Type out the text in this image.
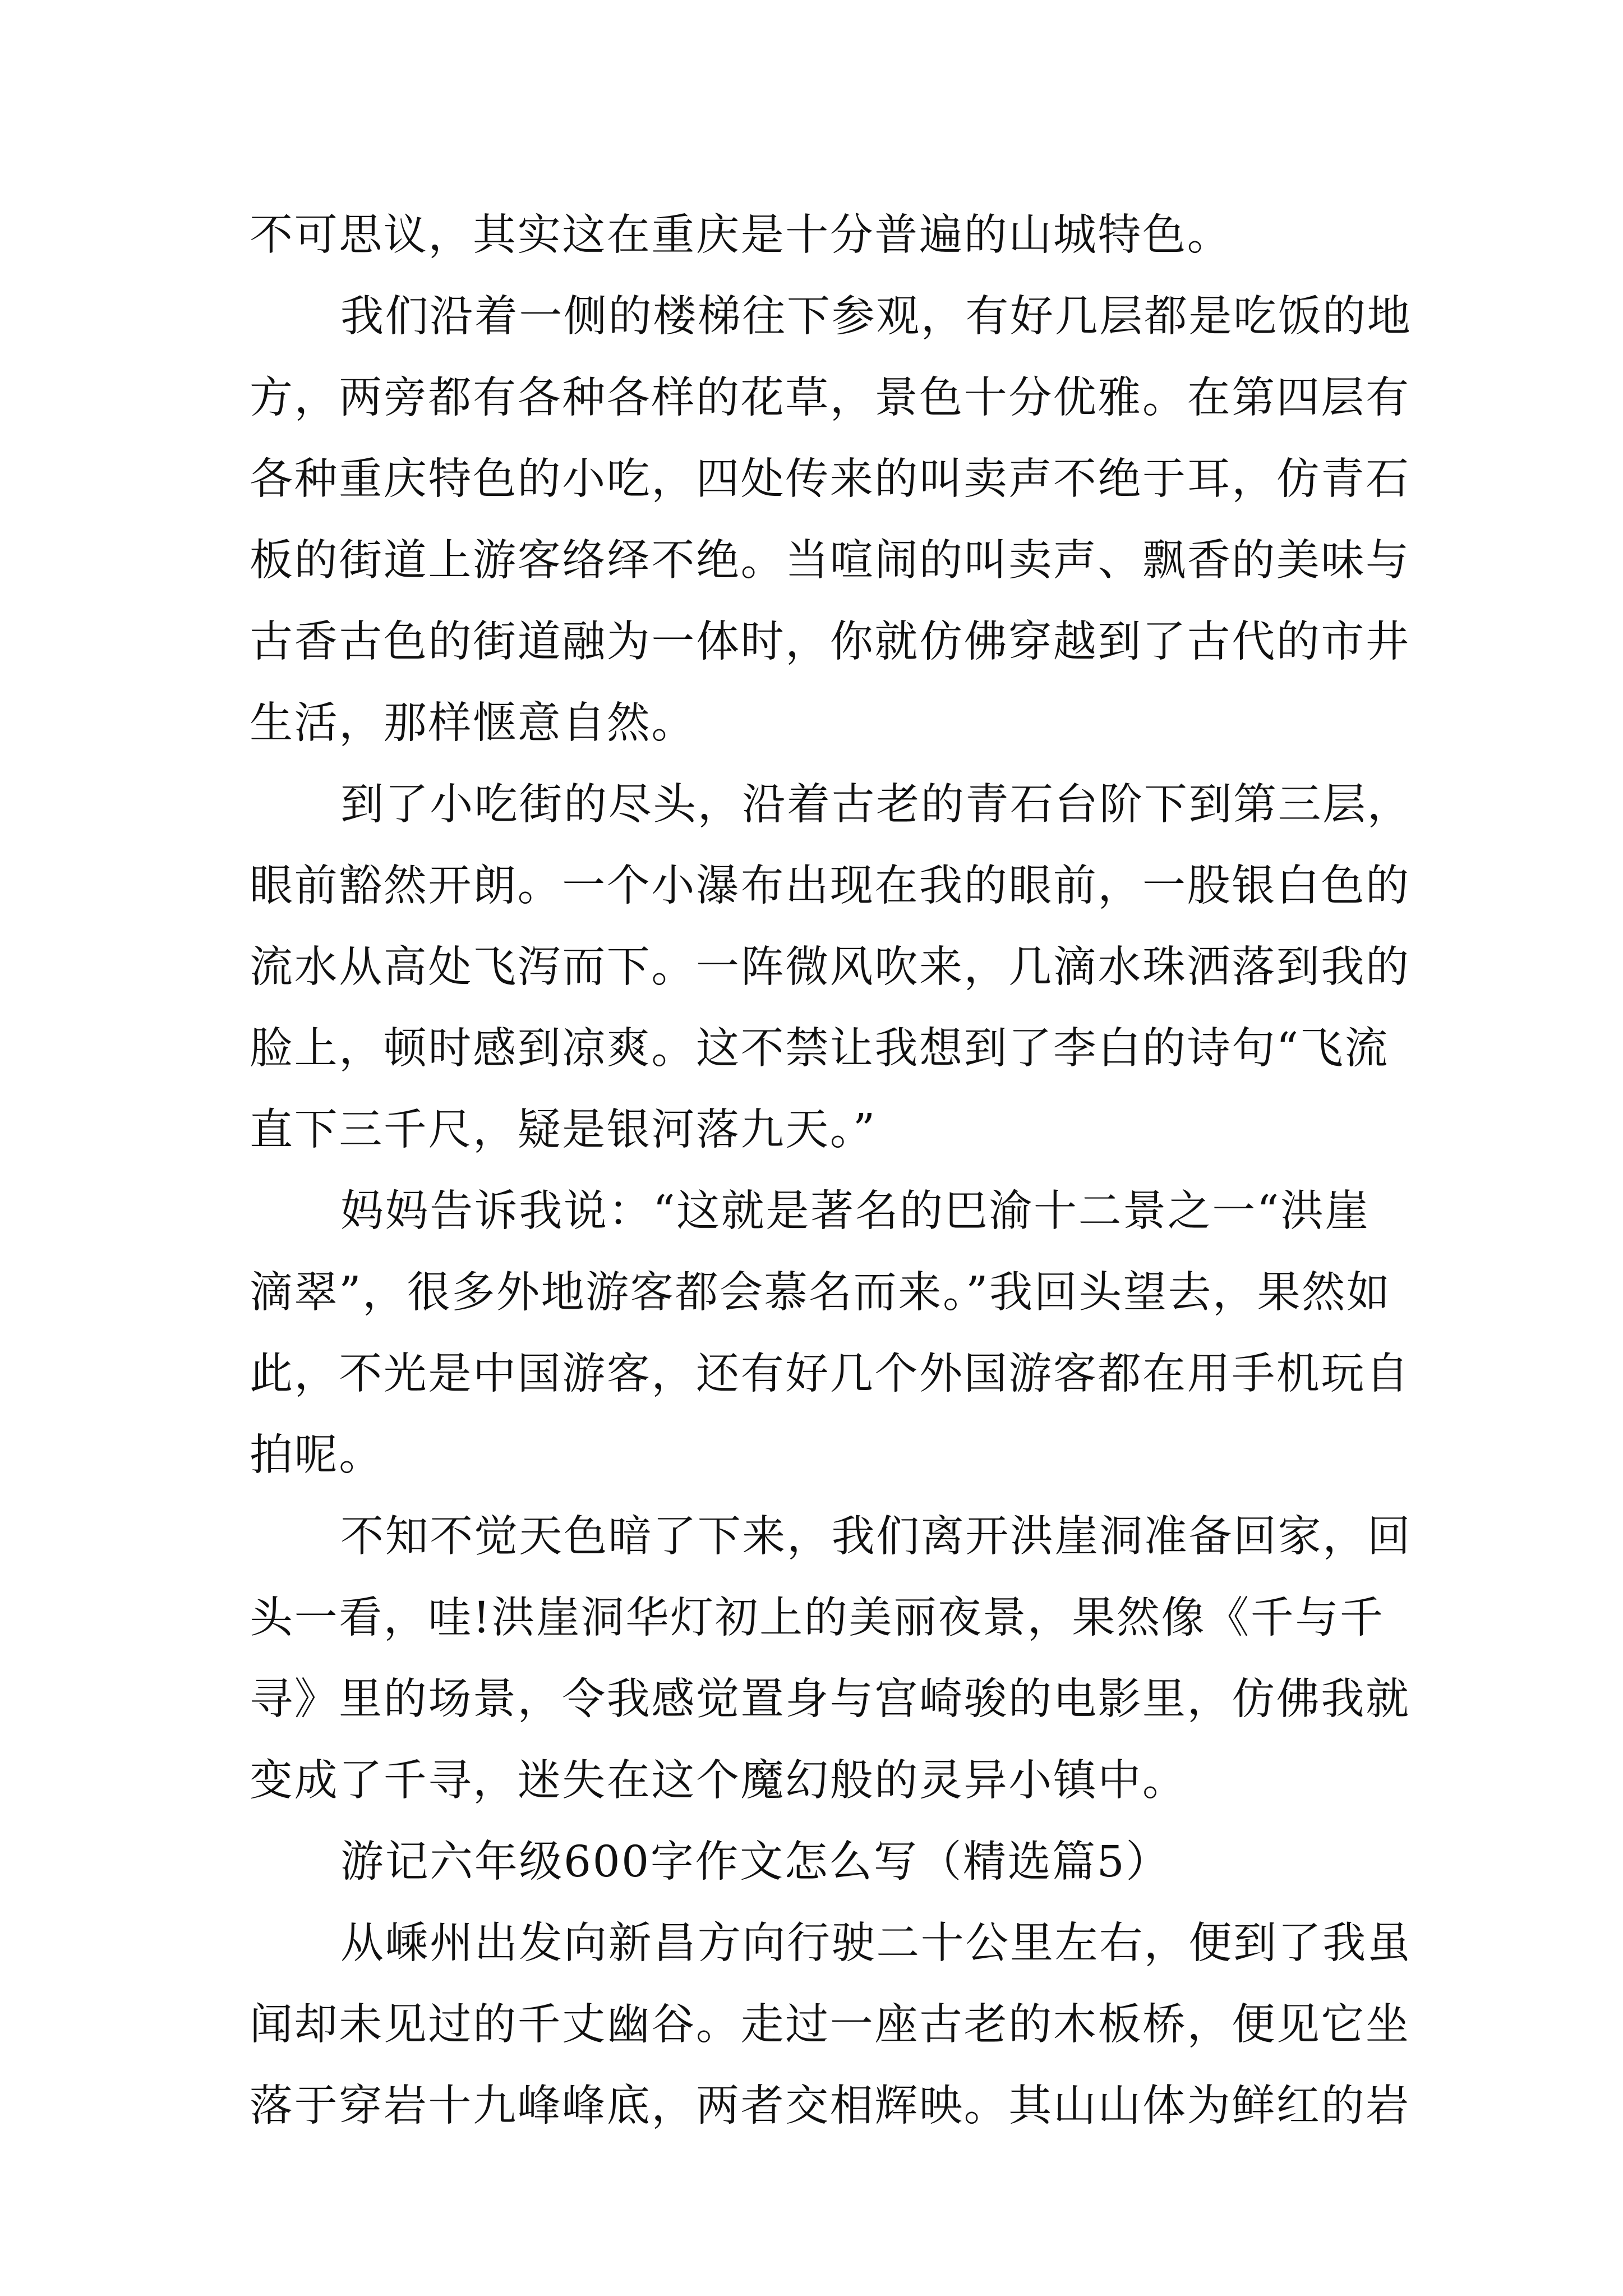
不可思议，其实这在重庆是十分普遍的山城特色。
我们沿着一侧的楼梯往下参观，有好几层都是吃饭的地
方，两旁都有各种各样的花草，景色十分优雅。在第四层有
各种重庆特色的小吃，四处传来的叫卖声不绝于耳，仿青石
板的街道上游客络绎不绝。当喧闹的叫卖声、飘香的美味与
古香古色的街道融为一体时，你就仿佛穿越到了古代的市井
生活，那样惬意自然。
到了小吃街的尽头，沿着古老的青石台阶下到第三层，
眼前豁然开朗。一个小瀑布出现在我的眼前，一股银白色的
流水从高处飞泻而下。一阵微风吹来，几滴水珠洒落到我的
脸上，顿时感到凉爽。这不禁让我想到了李白的诗句“飞流
直下三千尺，疑是银河落九天。”
妈妈告诉我说：“这就是著名的巴渝十二景之一“洪崖
滴翠”，很多外地游客都会慕名而来。”我回头望去，果然如
此，不光是中国游客，还有好几个外国游客都在用手机玩自
拍呢。
不知不觉天色暗了下来，我们离开洪崖洞准备回家，回
头一看，哇!洪崖洞华灯初上的美丽夜景，果然像《千与千
寻》里的场景，令我感觉置身与宫崎骏的电影里，仿佛我就
变成了千寻，迷失在这个魔幻般的灵异小镇中。
游记六年级600字作文怎么写（精选篇5）
从嵊州出发向新昌方向行驶二十公里左右，便到了我虽
闻却未见过的千丈幽谷。走过一座古老的木板桥，便见它坐
落于穿岩十九峰峰底，两者交相辉映。其山山体为鲜红的岩
